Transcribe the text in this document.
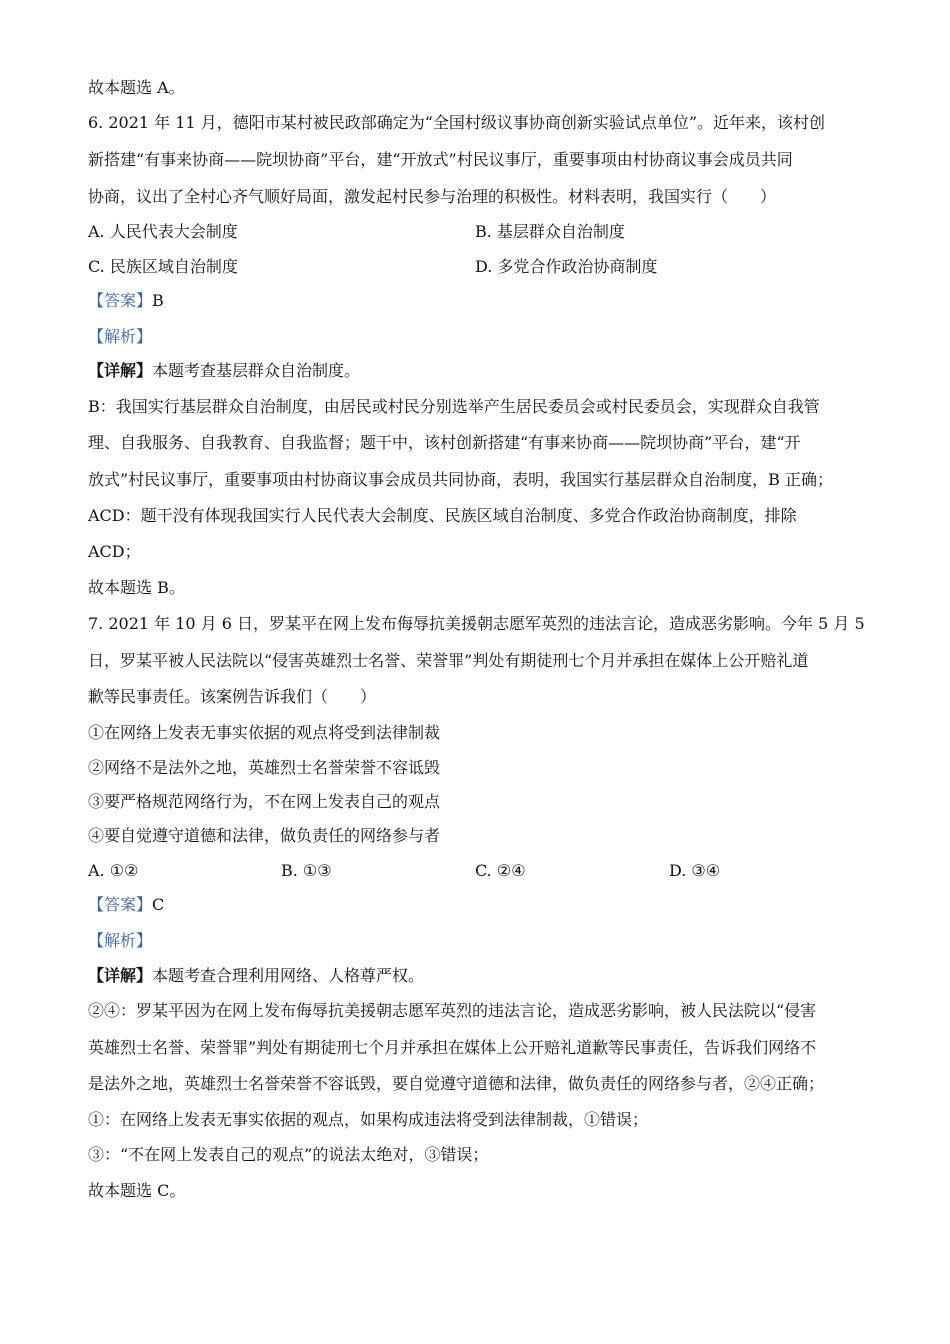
故本题选 A。
6. 2021 年 11 月，德阳市某村被民政部确定为“全国村级议事协商创新实验试点单位”。近年来，该村创
新搭建“有事来协商——院坝协商”平台，建“开放式”村民议事厅，重要事项由村协商议事会成员共同
协商，议出了全村心齐气顺好局面，激发起村民参与治理的积极性。材料表明，我国实行（　　）
A. 人民代表大会制度	B. 基层群众自治制度
C. 民族区域自治制度	D. 多党合作政治协商制度
【答案】B
【解析】
【详解】本题考查基层群众自治制度。
B：我国实行基层群众自治制度，由居民或村民分别选举产生居民委员会或村民委员会，实现群众自我管
理、自我服务、自我教育、自我监督；题干中，该村创新搭建“有事来协商——院坝协商”平台，建“开
放式”村民议事厅，重要事项由村协商议事会成员共同协商，表明，我国实行基层群众自治制度，B 正确；
ACD：题干没有体现我国实行人民代表大会制度、民族区域自治制度、多党合作政治协商制度，排除
ACD；
故本题选 B。
7. 2021 年 10 月 6 日，罗某平在网上发布侮辱抗美援朝志愿军英烈的违法言论，造成恶劣影响。今年 5 月 5
日，罗某平被人民法院以“侵害英雄烈士名誉、荣誉罪”判处有期徒刑七个月并承担在媒体上公开赔礼道
歉等民事责任。该案例告诉我们（　　）
①在网络上发表无事实依据的观点将受到法律制裁
②网络不是法外之地，英雄烈士名誉荣誉不容诋毁
③要严格规范网络行为，不在网上发表自己的观点
④要自觉遵守道德和法律，做负责任的网络参与者
A. ①②	B. ①③	C. ②④	D. ③④
【答案】C
【解析】
【详解】本题考查合理利用网络、人格尊严权。
②④：罗某平因为在网上发布侮辱抗美援朝志愿军英烈的违法言论，造成恶劣影响，被人民法院以“侵害
英雄烈士名誉、荣誉罪”判处有期徒刑七个月并承担在媒体上公开赔礼道歉等民事责任，告诉我们网络不
是法外之地，英雄烈士名誉荣誉不容诋毁，要自觉遵守道德和法律，做负责任的网络参与者，②④正确；
①：在网络上发表无事实依据的观点，如果构成违法将受到法律制裁，①错误；
③：“不在网上发表自己的观点”的说法太绝对，③错误；
故本题选 C。
